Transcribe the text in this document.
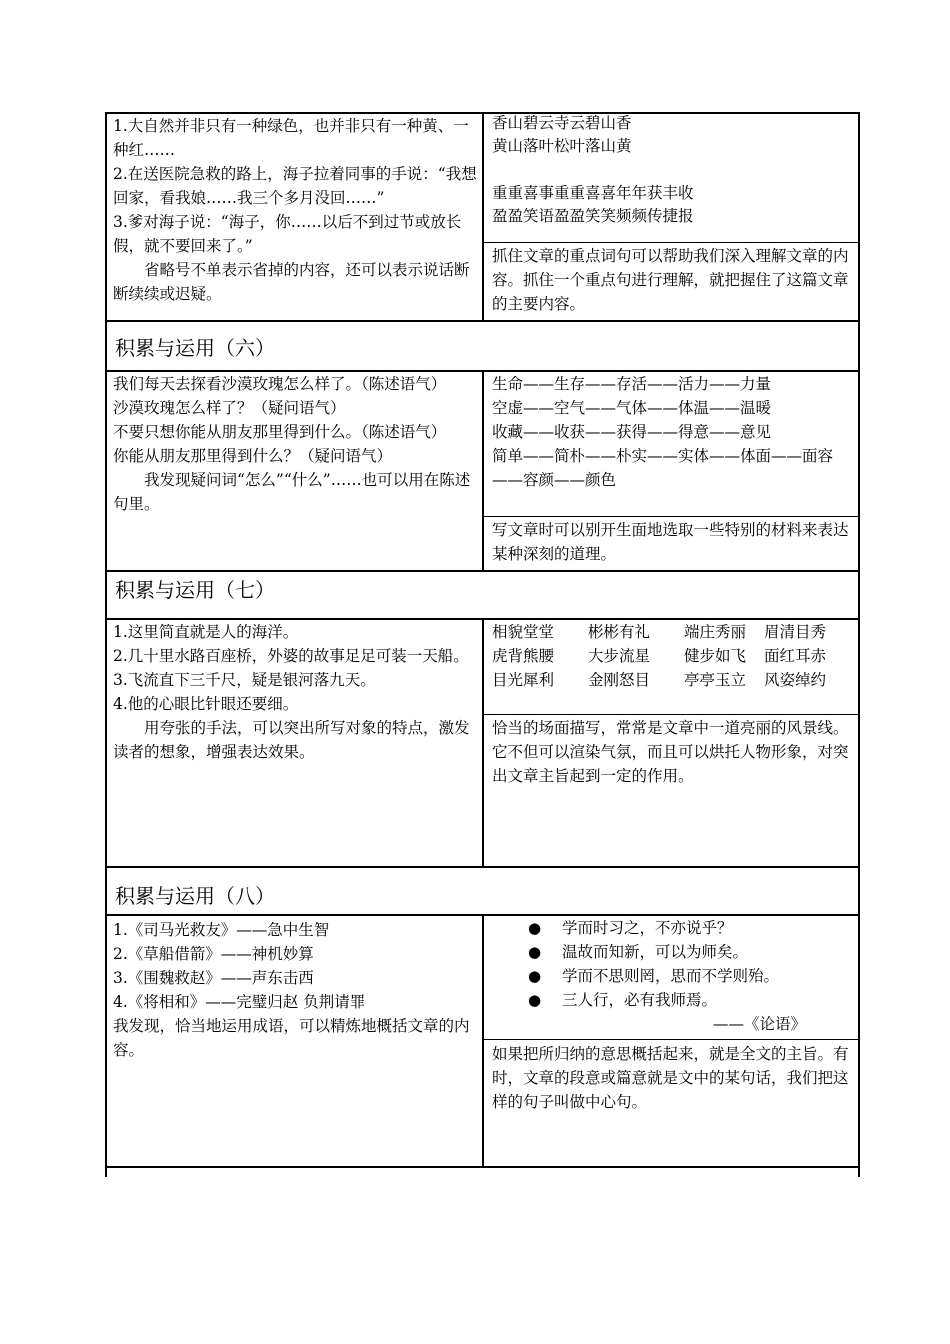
1.大自然并非只有一种绿色，也并非只有一种黄、一种红……

2.在送医院急救的路上，海子拉着同事的手说：“我想回家，看我娘……我三个多月没回……”

3.爹对海子说：“海子，你……以后不到过节或放长假，就不要回来了。”

省略号不单表示省掉的内容，还可以表示说话断断续续或迟疑。

香山碧云寺云碧山香

黄山落叶松叶落山黄

重重喜事重重喜喜年年获丰收

盈盈笑语盈盈笑笑频频传捷报

抓住文章的重点词句可以帮助我们深入理解文章的内容。抓住一个重点句进行理解，就把握住了这篇文章的主要内容。

积累与运用（六）

我们每天去探看沙漠玫瑰怎么样了。（陈述语气）

沙漠玫瑰怎么样了？（疑问语气）

不要只想你能从朋友那里得到什么。（陈述语气）

你能从朋友那里得到什么？（疑问语气）

我发现疑问词“怎么”“什么”……也可以用在陈述句里。

生命——生存——存活——活力——力量

空虚——空气——气体——体温——温暖

收藏——收获——获得——得意——意见

简单——简朴——朴实——实体——体面——面容——容颜——颜色

写文章时可以别开生面地选取一些特别的材料来表达某种深刻的道理。

积累与运用（七）

1.这里简直就是人的海洋。

2.几十里水路百座桥，外婆的故事足足可装一天船。

3.飞流直下三千尺，疑是银河落九天。

4.他的心眼比针眼还要细。

用夸张的手法，可以突出所写对象的特点，激发读者的想象，增强表达效果。

相貌堂堂	彬彬有礼	端庄秀丽	眉清目秀
虎背熊腰	大步流星	健步如飞	面红耳赤
目光犀利	金刚怒目	亭亭玉立	风姿绰约

恰当的场面描写，常常是文章中一道亮丽的风景线。它不但可以渲染气氛，而且可以烘托人物形象，对突出文章主旨起到一定的作用。

积累与运用（八）

1.《司马光救友》——急中生智

2.《草船借箭》——神机妙算

3.《围魏救赵》——声东击西

4.《将相和》——完璧归赵 负荆请罪

我发现，恰当地运用成语，可以精炼地概括文章的内容。

● 学而时习之，不亦说乎？

● 温故而知新，可以为师矣。

● 学而不思则罔，思而不学则殆。

● 三人行，必有我师焉。

——《论语》

如果把所归纳的意思概括起来，就是全文的主旨。有时，文章的段意或篇意就是文中的某句话，我们把这样的句子叫做中心句。
